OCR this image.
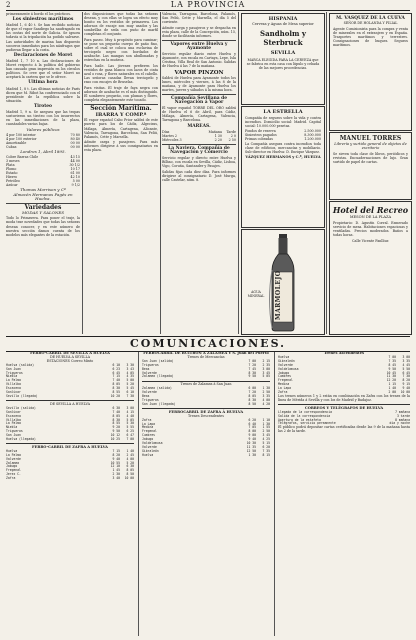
2	LA PROVINCIA

primeramente á bordo el los prácticos.

Los siniestros marítimos

Madrid 1, 6 40 t. Se han recibido noticias de que el vapor Sandiego ha naufragado en las costas del norte de Galicia. Se ignora todavía si la tripulación ha podido salvarse. Las autoridades de marina han dispuesto socorros inmediatos para los náufragos que pudieran llegar a la costa.

Declaraciones de Moret

Madrid 1, 7 10 n. Las declaraciones de Moret respecto á la política del gobierno han causado gran impresión en los círculos políticos. Se cree que el señor Moret no aceptará la cartera que se le ofrece.

Ultima hora

Madrid 1, 8 t. Las últimas noticias de París dicen que M. Ribot ha conferenciado con el presidente de la república sobre la situación.

Tiroteo

Madrid 1, 9 n. Se asegura que las tropas sostuvieron un tiroteo con los insurrectos en las inmediaciones de la plaza, causándoles varias bajas.

Valores públicos
4 por 100 interior	70 80
4 por 100 exterior	80 40
Amortizable	00 00
Cubas	00 00
Londres 1, Abril 1895.
Cobre Barras Chile	43 15
3 meses	44 00
Plata	30 1/2
Plomo	10 17
Estaño	61 00
Hierro	42 10
Petróleo	5 00
Azúcar	9 1/2
Thomas Morrison y Cª
Almacén Hermanos Pagés en Huelva.
Variedades
MODAS Y SALONES

Todo lo Primavera. Para poner el traje, la moda trae novedades que todas las señoras desean conocer, y en este número de nuestra sección damos cuenta de los modelos más elegantes de la estación.

dos disposiciones que todas las señoras desean, y con ellas se logra un efecto muy bonito en los vestidos de primavera. Los adornos de encaje son muy usados y las sombrillas de seda con puño de marfil completan el conjunto.

Para paseo. Muy á propósito para caminar; se pone un pequeño cuerpo de paño fino, sobre el cual se coloca una esclavina de terciopelo negro con bordados de azabache. Las mangas son abullonadas y estrechas en la muñeca.

Para baile. Las jóvenes prefieren los vestidos de gasa blanca con lazos de cinta azul o rosa, y flores naturales en el cabello. Las señoras casadas llevan terciopelo y raso con encajes de Bruselas.

Para visitas. El traje de faya negra con adornos de azabache es el más distinguido. El sombrero pequeño, con plumas y flores, completa elegantemente este tocado.

Sección Marítima.
IBARRA Y COMP.ª

El vapor español Cabo Prior saldrá de este puerto para los de Cádiz, Algeciras, Málaga, Almería, Cartagena, Alicante, Valencia, Tarragona, Barcelona, San Feliú, Palamós, Cette y Marsella.

Admite carga y pasajeros. Para más informes dirigirse á sus consignatarios en esta plaza.

Valencia, Tarragona, Barcelona, Palamós, San Feliú, Cette y Marsella, el día 5 del corriente.

Admite carga y pasajeros y se despacha en esta plaza, calle de la Concepción, núm. 15, donde se facilitarán informes.

Vapores entre Huelva y Ayamonte

Servicio regular diario entre Huelva y Ayamonte, con escala en Cartaya, Lepe, Isla Cristina, Villa Real de San Antonio. Salidas de Huelva á las 7 de la mañana.

VAPOR PINZON

Saldrá de Huelva para Ayamonte todos los lunes, miércoles y viernes, á las 8 de la mañana, y de Ayamonte para Huelva los martes, jueves y sábados á la misma hora.

Compañía Sevillana de Navegación á Vapor

El vapor español TORRE DEL ORO saldrá de Huelva el 6 de Abril, para Cádiz, Málaga, Almería, Cartagena, Valencia, Tarragona y Barcelona.

MAREAS.
Días	Mañana	Tarde
Martes 2	1 30	2 0
Miércoles 3	2 20	2 50
La Naviera. Compañía de Navegación y Comercio

Servicio regular y directo entre Huelva y Bilbao, con escala en Sevilla, Cádiz, Lisboa, Vigo, Coruña, Santander y Pasajes.

Salidas fijas cada diez días. Para informes dirigirse al consignatario D. José Murga, calle Castelar, núm. 8.

HISPANIA
Cerveza y Aguas de Mesa superior
Sandholm y Sterbruck
SEVILLA
MARCA ELEGIDA PARA LA CERVEZA que se fabrica en esta casa con lúpulo y cebada de las mejores procedencias.
LA ESTRELLA
Compañía de seguros sobre la vida y contra incendios. Domicilio social: Madrid. Capital social: 10.000.000 pesetas.
Fondos de reserva	2.500.000
Siniestros pagados	8.300.000
Primas cobradas	1.200.000
La Compañía asegura contra incendios toda clase de edificios, mercancías y mobiliario. Sub-director en Huelva: D. Enrique Vázquez.
VÁZQUEZ HERMANOS y C.ª, HUELVA
MARMOLEJO
AGUA MINERAL
M. VASQUEZ DE LA CUEVA
SEÑOR DE HOLANDA Y FILIAL
Agente Comisionista para la compra y venta de minerales en el extranjero y en España. Trasportes marítimos y terrestres. Consignaciones de buques. Seguros marítimos.
MANUEL TORRES
Librería y surtido general de objetos de escritorio
Se sirven toda clase de libros, periódicos y revistas. Encuadernaciones de lujo. Gran surtido de papel de cartas.
Hotel del Recreo
MESON DE LA PLAZA
Propietario: D. Agustín Corral. Esmerado servicio de mesa. Habitaciones espaciosas y ventiladas. Precios moderados. Baños a todas horas.
Calle Vicente Fanlliur.
COMUNICACIONES.
FERRO-CARRIL DE SEVILLA A HUELVA
DE HUELVA A SEVILLA
ESTACIONES Correo Mixto
Huelva (salida)	6 10	3 30
San Juan	6 23	3 43
Trigueros	6 45	4 05
Niebla	7 15	4 35
La Palma	7 40	5 00
Villalba	8 05	5 20
Escacena	8 30	5 45
Sanlúcar	8 55	6 10
Sevilla (llegada)	10 20	7 30
DE SEVILLA A HUELVA
Sevilla (salida)	6 30	3 00
Sanlúcar	7 40	4 15
Escacena	8 05	4 40
Villalba	8 30	5 05
La Palma	8 55	5 30
Niebla	9 20	5 55
Trigueros	9 50	6 25
San Juan	10 12	6 47
Huelva (llegada)	10 25	7 00
FERRO-CARRIL DE ZAFRA A HUELVA
Huelva	7 15	1 40
La Palma	8 20	2 45
Valverde	9 40	4 00
Zalamea	10 55	5 20
Jabugo	12 10	6 30
Fregenal	1 45	8 05
Jerez C.	2 30	8 50
Zafra	3 40	10 00
FERROCARRIL DE BUITRON A ZALAMEA Y S. Juan del Puerto
Trenes de Mercancías
San Juan (salida)	7 00	2 15
Trigueros	7 20	2 35
Beas	7 45	3 00
Valverde	8 30	3 45
Zalamea (llegada)	9 50	5 05
Trenes de Zalamea á San Juan
Zalamea (salida)	6 00	1 30
Valverde	7 20	2 50
Beas	8 05	3 35
Trigueros	8 30	4 00
San Juan (llegada)	8 50	4 20
FERROCARRIL DE ZAFRA Á HUELVA
Trenes Descendentes
Zafra	6 20	1 10
La Lapa	6 40	1 30
Medina	7 05	1 55
Fregenal	8 00	2 50
Cumbres	9 00	3 45
Jabugo	9 40	4 25
Valdelamusa	10 30	5 15
Valverde	11 35	6 20
Gibraleón	12 50	7 35
Huelva	1 30	8 15
Trenes Ascendentes
Huelva	7 00	3 00
Gibraleón	7 35	3 35
Valverde	8 45	4 45
Valdelamusa	9 50	5 50
Jabugo	10 45	6 45
Cumbres	11 30	7 30
Fregenal	12 20	8 20
Medina	1 15	9 15
La Lapa	1 40	9 40
Zafra	2 00	10 00
Los trenes números 1 y 2 están en combinación en Zafra con los trenes de la línea de Mérida á Sevilla y con los de Madrid y Badajoz.
CORREOS Y TELÉGRAFOS DE HUELVA
Llegada de la correspondencia	7 mañana
Salida de la correspondencia	3 tarde
Apertura de la estafeta	8 mañana
Telégrafos, servicio permanente	día y noche
El público podrá depositar cartas certificadas desde las 9 de la mañana hasta las 2 de la tarde.
